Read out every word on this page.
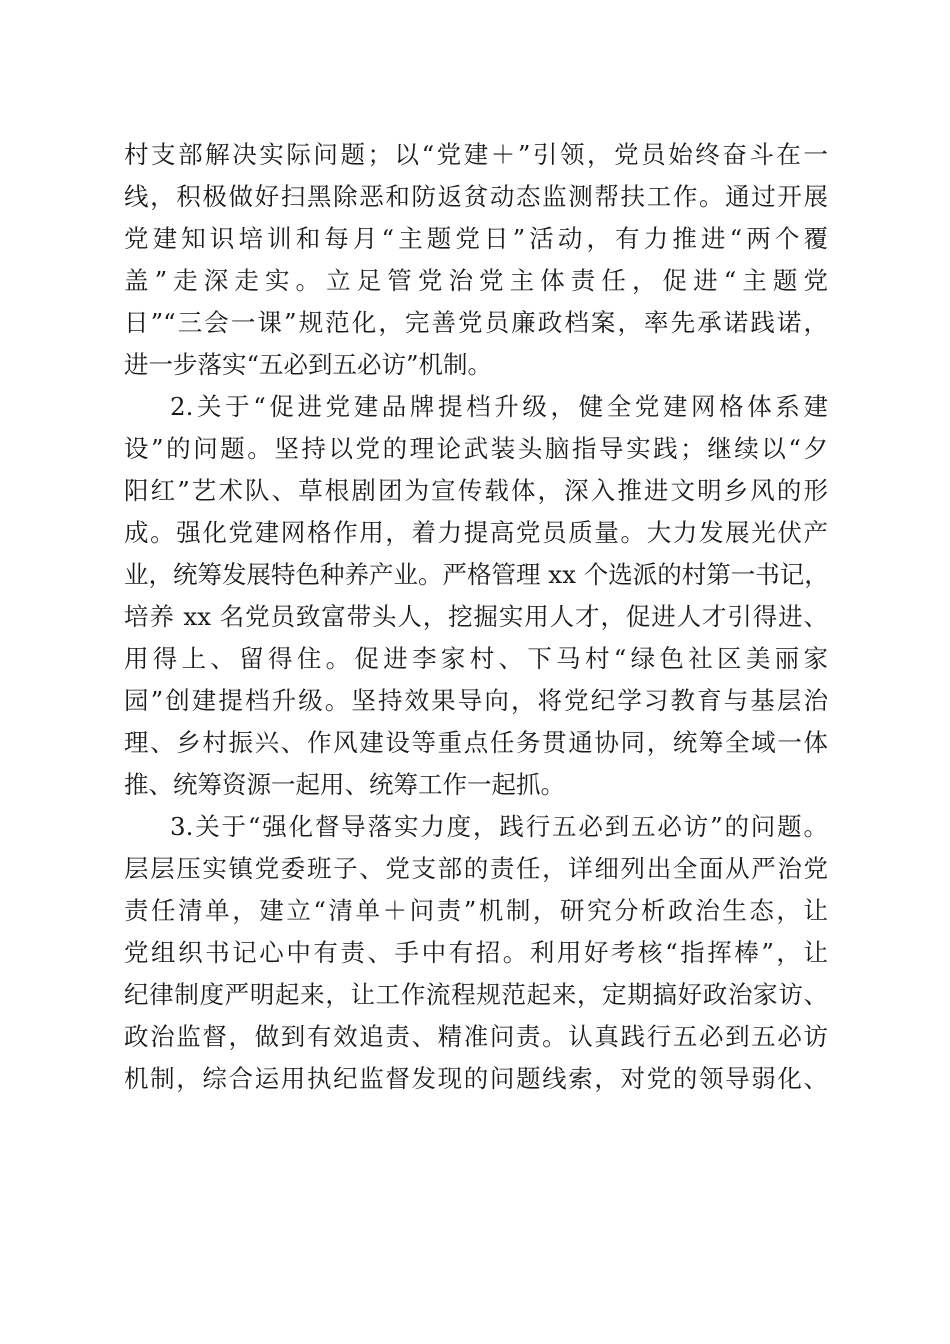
村支部解决实际问题；以“党建＋”引领，党员始终奋斗在一
线，积极做好扫黑除恶和防返贫动态监测帮扶工作。通过开展
党建知识培训和每月“主题党日”活动，有力推进“两个覆
盖”走深走实。立足管党治党主体责任，促进“主题党
日”“三会一课”规范化，完善党员廉政档案，率先承诺践诺，
进一步落实“五必到五必访”机制。
2.关于“促进党建品牌提档升级，健全党建网格体系建
设”的问题。坚持以党的理论武装头脑指导实践；继续以“夕
阳红”艺术队、草根剧团为宣传载体，深入推进文明乡风的形
成。强化党建网格作用，着力提高党员质量。大力发展光伏产
业，统筹发展特色种养产业。严格管理 xx 个选派的村第一书记，
培养 xx 名党员致富带头人，挖掘实用人才，促进人才引得进、
用得上、留得住。促进李家村、下马村“绿色社区美丽家
园”创建提档升级。坚持效果导向，将党纪学习教育与基层治
理、乡村振兴、作风建设等重点任务贯通协同，统筹全域一体
推、统筹资源一起用、统筹工作一起抓。
3.关于“强化督导落实力度，践行五必到五必访”的问题。
层层压实镇党委班子、党支部的责任，详细列出全面从严治党
责任清单，建立“清单＋问责”机制，研究分析政治生态，让
党组织书记心中有责、手中有招。利用好考核“指挥棒”，让
纪律制度严明起来，让工作流程规范起来，定期搞好政治家访、
政治监督，做到有效追责、精准问责。认真践行五必到五必访
机制，综合运用执纪监督发现的问题线索，对党的领导弱化、
